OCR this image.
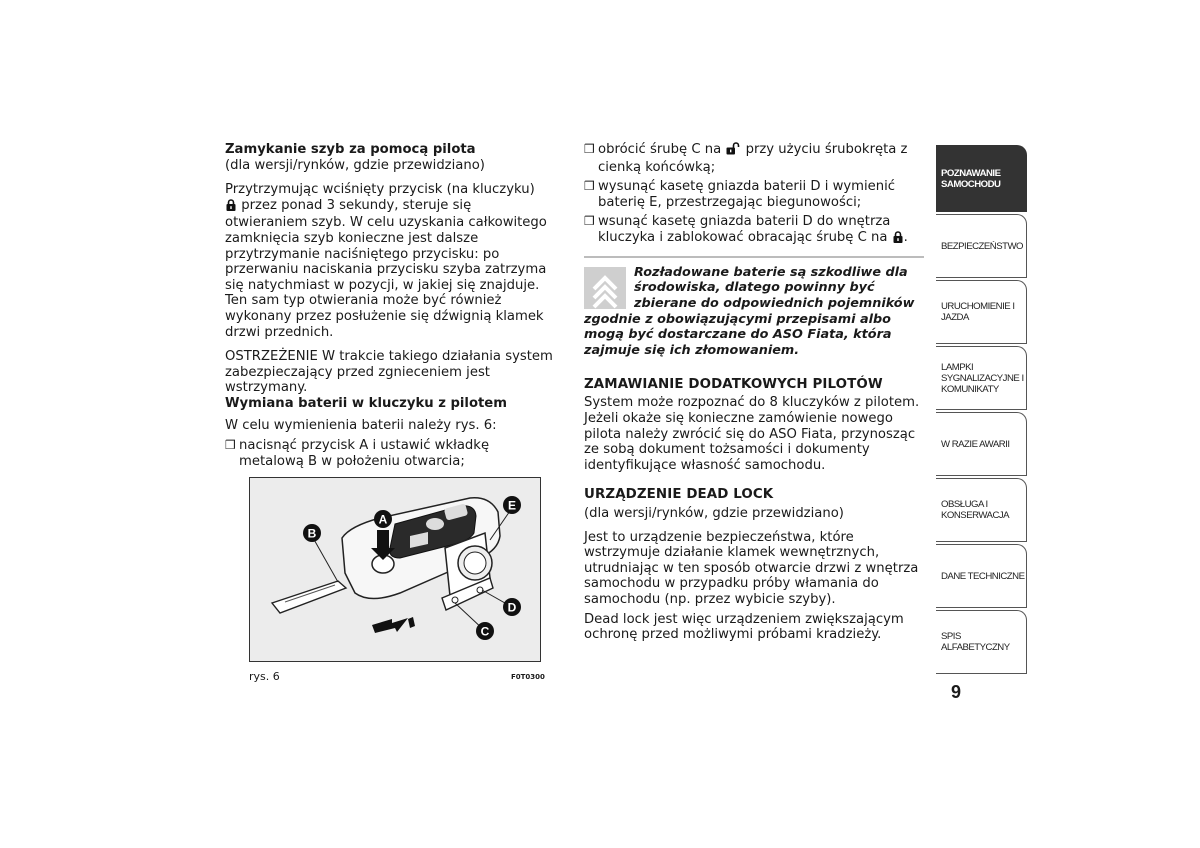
Zamykanie szyb za pomocą pilota
(dla wersji/rynków, gdzie przewidziano)

Przytrzymując wciśnięty przycisk (na kluczyku)
przez ponad 3 sekundy, steruje się otwieraniem szyb. W celu uzyskania całkowitego zamknięcia szyb konieczne jest dalsze przytrzymanie naciśniętego przycisku: po przerwaniu naciskania przycisku szyba zatrzyma się natychmiast w pozycji, w jakiej się znajduje. Ten sam typ otwierania może być również wykonany przez posłużenie się dźwignią klamek drzwi przednich.

OSTRZEŻENIE W trakcie takiego działania system zabezpieczający przed zgnieceniem jest wstrzymany.

Wymiana baterii w kluczyku z pilotem

W celu wymienienia baterii należy rys. 6:

❒ nacisnąć przycisk A i ustawić wkładkę metalową B w położeniu otwarcia;
B
A
E
D
C
rys. 6	F0T0300
❒ obrócić śrubę C na przy użyciu śrubokręta z cienką końcówką;
❒ wysunąć kasetę gniazda baterii D i wymienić baterię E, przestrzegając biegunowości;
❒ wsunąć kasetę gniazda baterii D do wnętrza kluczyka i zablokować obracając śrubę C na .
Rozładowane baterie są szkodliwe dla środowiska, dlatego powinny być zbierane do odpowiednich pojemników zgodnie z obowiązującymi przepisami albo mogą być dostarczane do ASO Fiata, która zajmuje się ich złomowaniem.

ZAMAWIANIE DODATKOWYCH PILOTÓW

System może rozpoznać do 8 kluczyków z pilotem. Jeżeli okaże się konieczne zamówienie nowego pilota należy zwrócić się do ASO Fiata, przynosząc ze sobą dokument tożsamości i dokumenty identyfikujące własność samochodu.

URZĄDZENIE DEAD LOCK
(dla wersji/rynków, gdzie przewidziano)

Jest to urządzenie bezpieczeństwa, które wstrzymuje działanie klamek wewnętrznych, utrudniając w ten sposób otwarcie drzwi z wnętrza samochodu w przypadku próby włamania do samochodu (np. przez wybicie szyby).

Dead lock jest więc urządzeniem zwiększającym ochronę przed możliwymi próbami kradzieży.

POZNAWANIE SAMOCHODU
BEZPIECZEŃSTWO
URUCHOMIENIE I JAZDA
LAMPKI SYGNALIZACYJNE I KOMUNIKATY
W RAZIE AWARII
OBSŁUGA I KONSERWACJA
DANE TECHNICZNE
SPIS ALFABETYCZNY
9
